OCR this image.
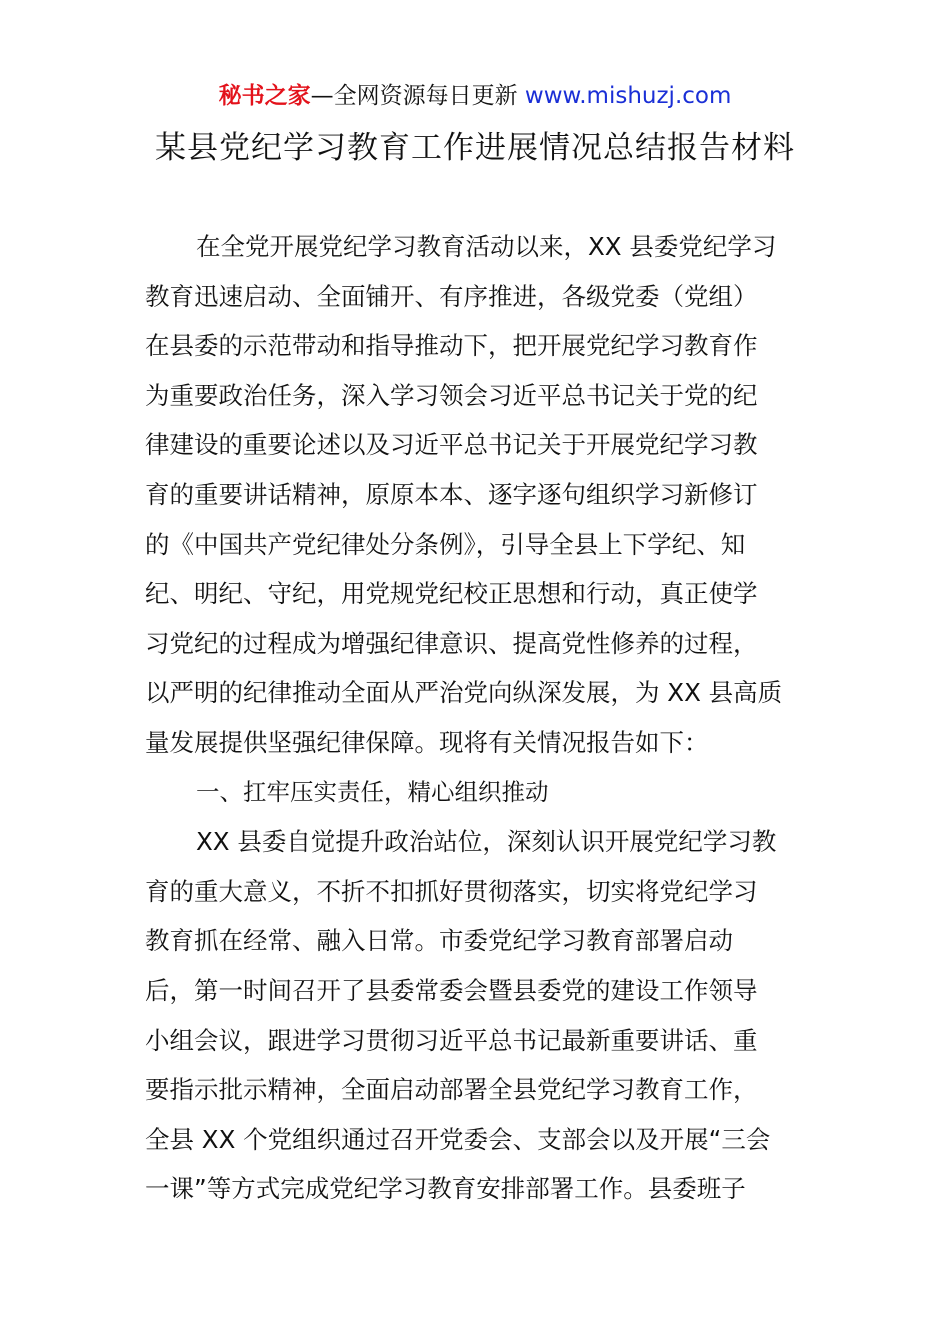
秘书之家—全网资源每日更新 www.mishuzj.com
某县党纪学习教育工作进展情况总结报告材料
在全党开展党纪学习教育活动以来，XX 县委党纪学习
教育迅速启动、全面铺开、有序推进，各级党委（党组）
在县委的示范带动和指导推动下，把开展党纪学习教育作
为重要政治任务，深入学习领会习近平总书记关于党的纪
律建设的重要论述以及习近平总书记关于开展党纪学习教
育的重要讲话精神，原原本本、逐字逐句组织学习新修订
的《中国共产党纪律处分条例》，引导全县上下学纪、知
纪、明纪、守纪，用党规党纪校正思想和行动，真正使学
习党纪的过程成为增强纪律意识、提高党性修养的过程，
以严明的纪律推动全面从严治党向纵深发展，为 XX 县高质
量发展提供坚强纪律保障。现将有关情况报告如下：
一、扛牢压实责任，精心组织推动
XX 县委自觉提升政治站位，深刻认识开展党纪学习教
育的重大意义，不折不扣抓好贯彻落实，切实将党纪学习
教育抓在经常、融入日常。市委党纪学习教育部署启动
后，第一时间召开了县委常委会暨县委党的建设工作领导
小组会议，跟进学习贯彻习近平总书记最新重要讲话、重
要指示批示精神，全面启动部署全县党纪学习教育工作，
全县 XX 个党组织通过召开党委会、支部会以及开展“三会
一课”等方式完成党纪学习教育安排部署工作。县委班子
